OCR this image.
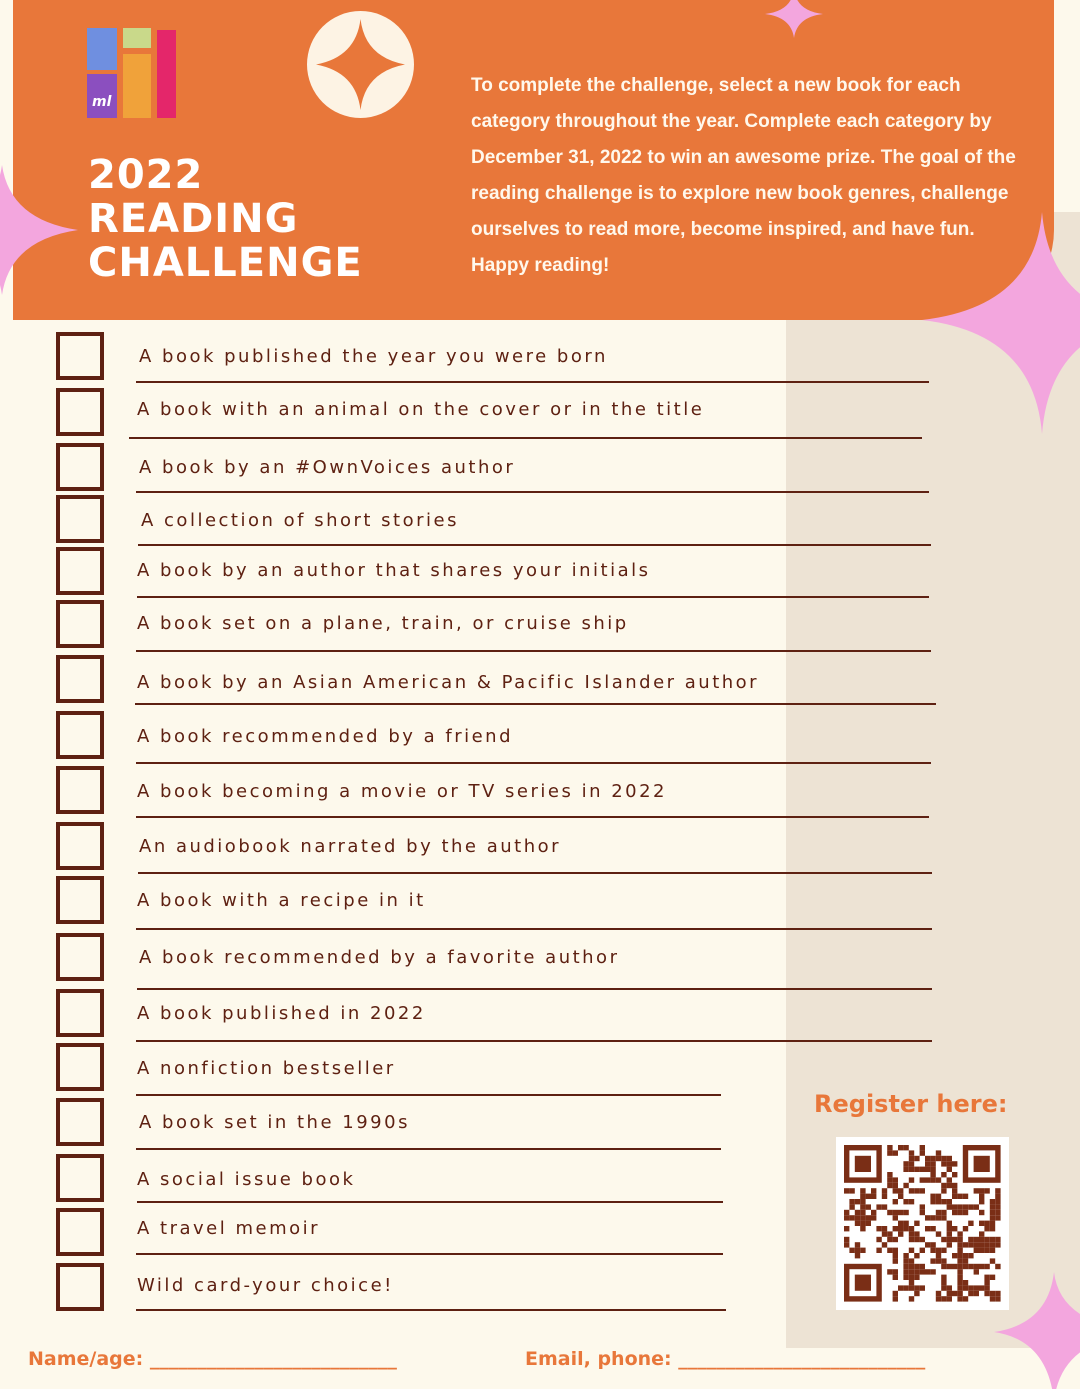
ml
2022
READING
CHALLENGE

To complete the challenge, select a new book for each category throughout the year. Complete each category by December 31, 2022 to win an awesome prize. The goal of the reading challenge is to explore new book genres, challenge ourselves to read more, become inspired, and have fun. Happy reading!

A book published the year you were born
A book with an animal on the cover or in the title
A book by an #OwnVoices author
A collection of short stories
A book by an author that shares your initials
A book set on a plane, train, or cruise ship
A book by an Asian American & Pacific Islander author
A book recommended by a friend
A book becoming a movie or TV series in 2022
An audiobook narrated by the author
A book with a recipe in it
A book recommended by a favorite author
A book published in 2022
A nonfiction bestseller
A book set in the 1990s
A social issue book
A travel memoir
Wild card-your choice!
Register here:
Name/age: __________________________	Email, phone: __________________________
